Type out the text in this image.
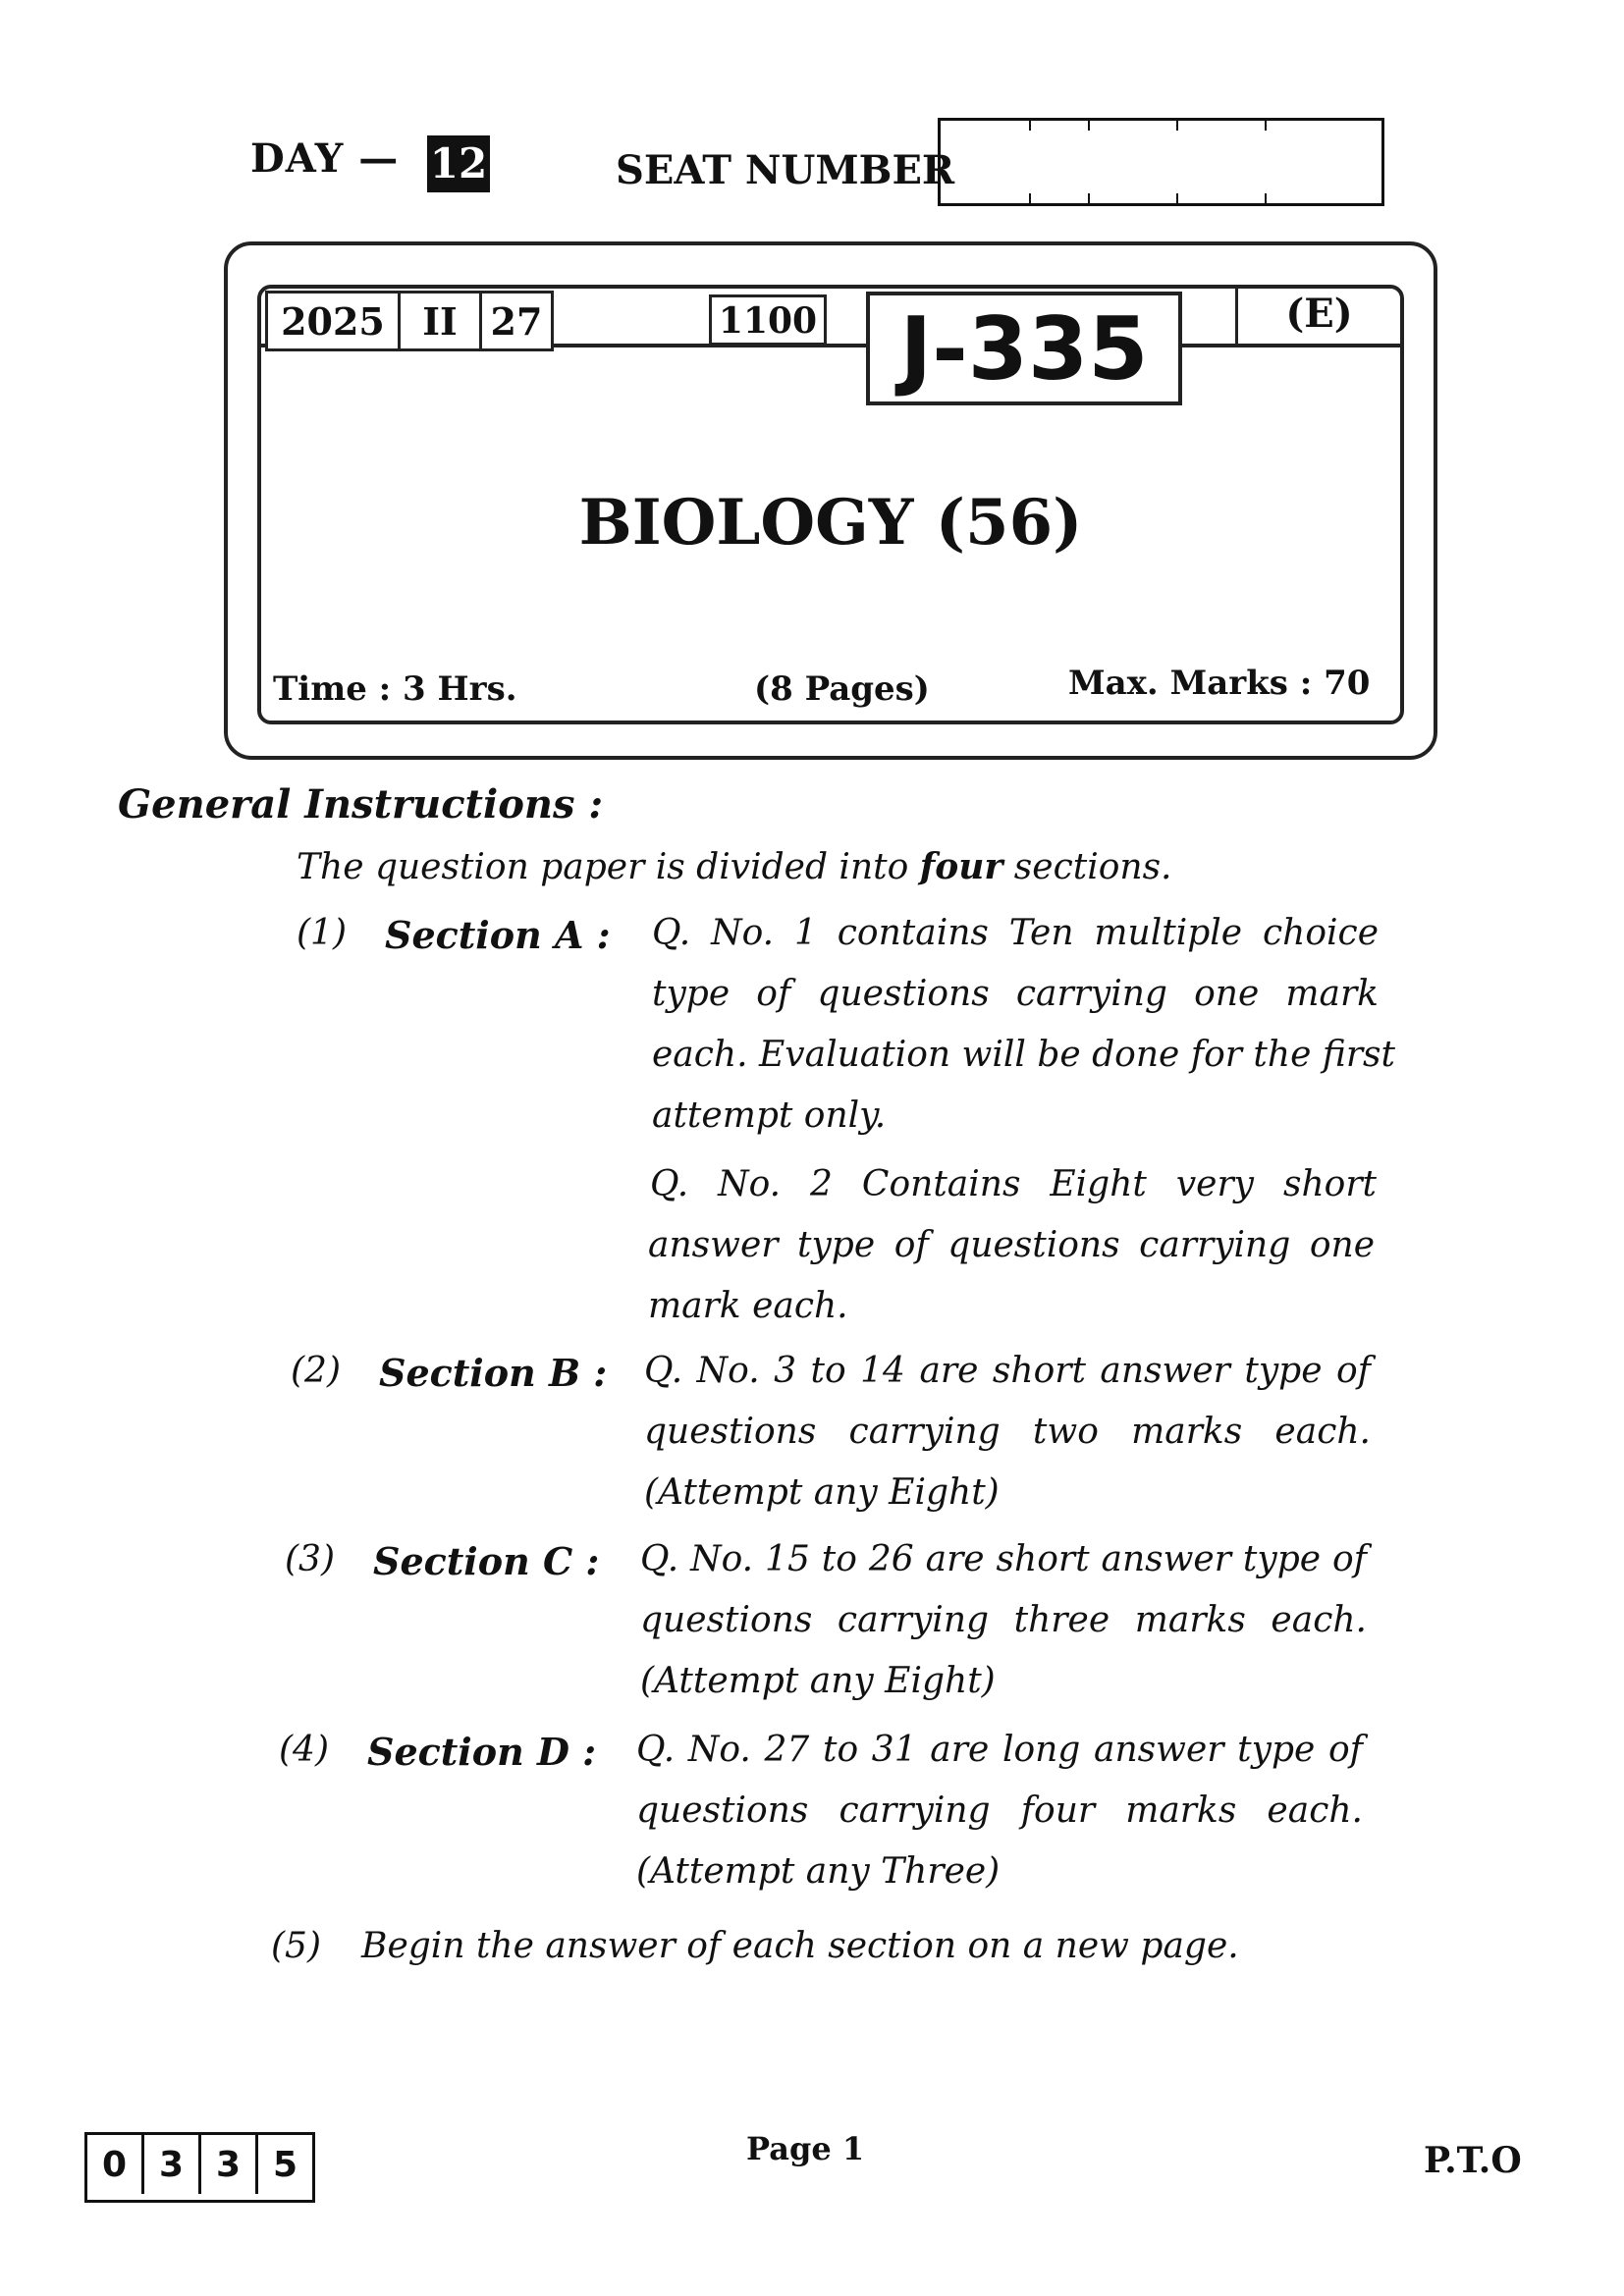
DAY — 12	SEAT NUMBER
2025	II 27	1100 J-335	(E)
BIOLOGY (56)
Time : 3 Hrs.	(8 Pages)	Max. Marks : 70
General Instructions :
The question paper is divided into four sections.
(1) Section A : Q. No. 1 contains Ten multiple choice
type of questions carrying one mark
each. Evaluation will be done for the first
attempt only.
Q. No. 2 Contains Eight very short
answer type of questions carrying one
mark each.
(2) Section B : Q. No. 3 to 14 are short answer type of
questions carrying two marks each.
(Attempt any Eight)
(3) Section C : Q. No. 15 to 26 are short answer type of
questions carrying three marks each.
(Attempt any Eight)
(4) Section D : Q. No. 27 to 31 are long answer type of
questions carrying four marks each.
(Attempt any Three)
(5) Begin the answer of each section on a new page.
0 3 3 5	Page 1	P.T.O
